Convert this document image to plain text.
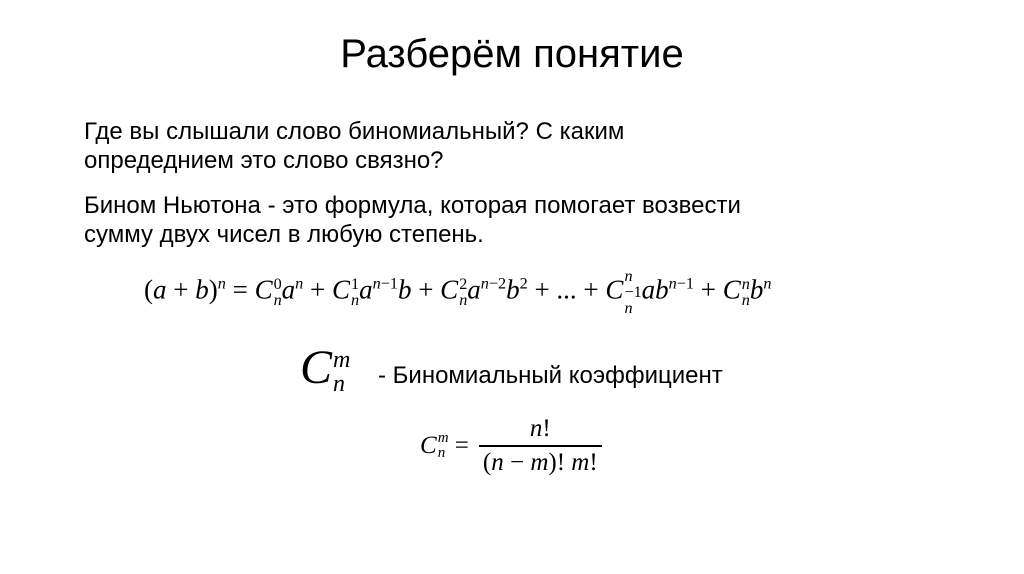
Разберём понятие
Где вы слышали слово биномиальный? С каким
опредеднием это слово связно?
Бином Ньютона - это формула, которая помогает возвести
сумму двух чисел в любую степень.
$(a + b)^n = C$ 0
n $a^n + C$ 1
n $a^{n-1}b + C$ 2
n $a^{n-2}b^2$ + ... + C n
−1
n
$ab^{n-1} + C$ n
n $b^n$
C m
n - Биномиальный коэффициент
C m
$n = \frac{n!}{(n - m)! m!}$
